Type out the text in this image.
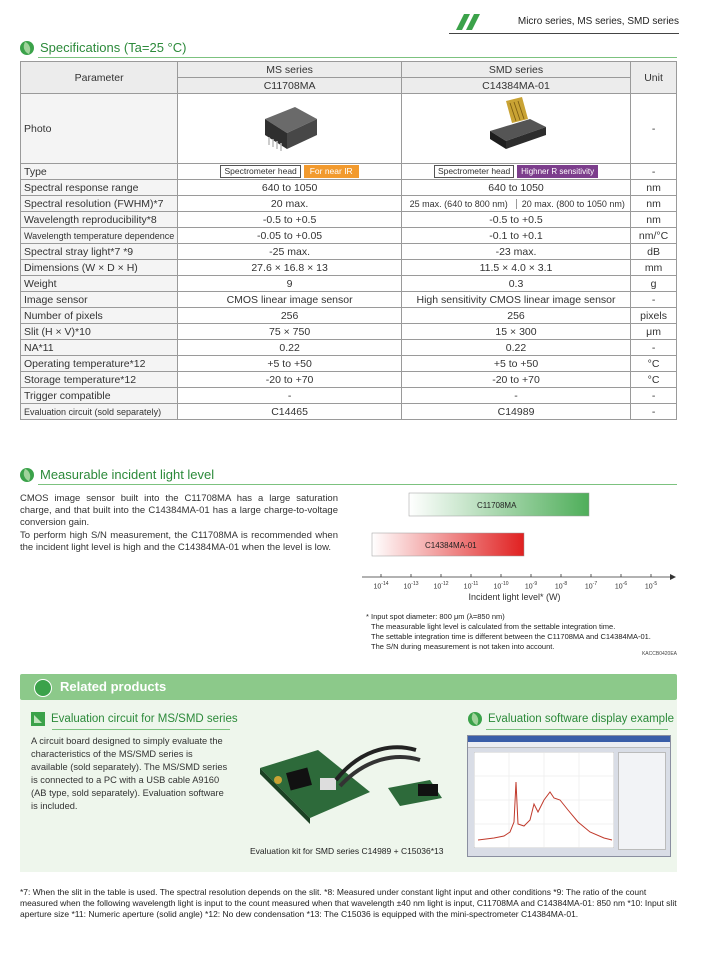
Micro series, MS series, SMD series
Specifications (Ta=25 °C)
Parameter	MS series	SMD series	Unit
	C11708MA	C14384MA-01	
Photo			-
Type	Spectrometer head For near IR	Spectrometer head Highner R sensitivity	-
Spectral response range	640 to 1050	640 to 1050	nm
Spectral resolution (FWHM)*7	20 max.	25 max. (640 to 800 nm) 20 max. (800 to 1050 nm)	nm
Wavelength reproducibility*8	-0.5 to +0.5	-0.5 to +0.5	nm
Wavelength temperature dependence	-0.05 to +0.05	-0.1 to +0.1	nm/°C
Spectral stray light*7 *9	-25 max.	-23 max.	dB
Dimensions (W × D × H)	27.6 × 16.8 × 13	11.5 × 4.0 × 3.1	mm
Weight	9	0.3	g
Image sensor	CMOS linear image sensor	High sensitivity CMOS linear image sensor	-
Number of pixels	256	256	pixels
Slit (H × V)*10	75 × 750	15 × 300	μm
NA*11	0.22	0.22	-
Operating temperature*12	+5 to +50	+5 to +50	°C
Storage temperature*12	-20 to +70	-20 to +70	°C
Trigger compatible	-	-	-
Evaluation circuit (sold separately)	C14465	C14989	-
Measurable incident light level
CMOS image sensor built into the C11708MA has a large saturation charge, and that built into the C14384MA-01 has a large charge-to-voltage conversion gain.
To perform high S/N measurement, the C11708MA is recommended when the incident light level is high and the C14384MA-01 when the level is low.
C11708MA
C14384MA-01
$10^{-14}$	$10^{-13}$	$10^{-12}$	$10^{-11}$	$10^{-10}$	$10^{-9}$	$10^{-8}$	$10^{-7}$	$10^{-6}$	$10^{-5}$
Incident light level* (W)
* Input spot diameter: 800 μm (λ=850 nm)
The measurable light level is calculated from the settable integration time.
The settable integration time is different between the C11708MA and C14384MA-01.
The S/N during measurement is not taken into account.
KACCB0420EA
Related products
Evaluation circuit for MS/SMD series
A circuit board designed to simply evaluate the characteristics of the MS/SMD series is available (sold separately). The MS/SMD series is connected to a PC with a USB cable A9160 (AB type, sold separately). Evaluation software is included.
Evaluation kit for SMD series C14989 + C15036*13
Evaluation software display example
*7: When the slit in the table is used. The spectral resolution depends on the slit. *8: Measured under constant light input and other conditions *9: The ratio of the count measured when the following wavelength light is input to the count measured when that wavelength ±40 nm light is input, C11708MA and C14384MA-01: 850 nm *10: Input slit aperture size *11: Numeric aperture (solid angle) *12: No dew condensation *13: The C15036 is equipped with the mini-spectrometer C14384MA-01.
